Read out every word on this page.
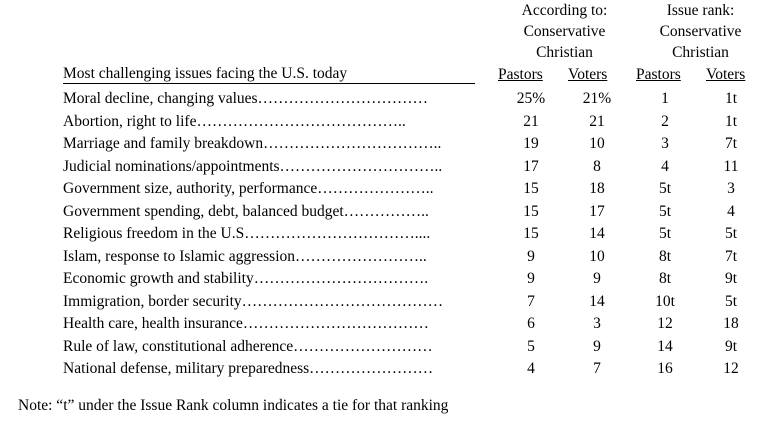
According to:
Conservative
Christian
Issue rank:
Conservative
Christian
Most challenging issues facing the U.S. today	Pastors Voters Pastors Voters
Moral decline, changing values……………………………	25%	21%	1	1t
Abortion, right to life…………………………………..	21	21	2	1t
Marriage and family breakdown……………………………..	19	10	3	7t
Judicial nominations/appointments…………………………..	17	8	4	11
Government size, authority, performance…………………..	15	18	5t	3
Government spending, debt, balanced budget……………..	15	17	5t	4
Religious freedom in the U.S……………………………....	15	14	5t	5t
Islam, response to Islamic aggression……………………..	9	10	8t	7t
Economic growth and stability…………………………….	9	9	8t	9t
Immigration, border security…………………………………	7	14	10t	5t
Health care, health insurance………………………………	6	3	12	18
Rule of law, constitutional adherence………………………	5	9	14	9t
National defense, military preparedness……………………	4	7	16	12
Note: “t” under the Issue Rank column indicates a tie for that ranking
